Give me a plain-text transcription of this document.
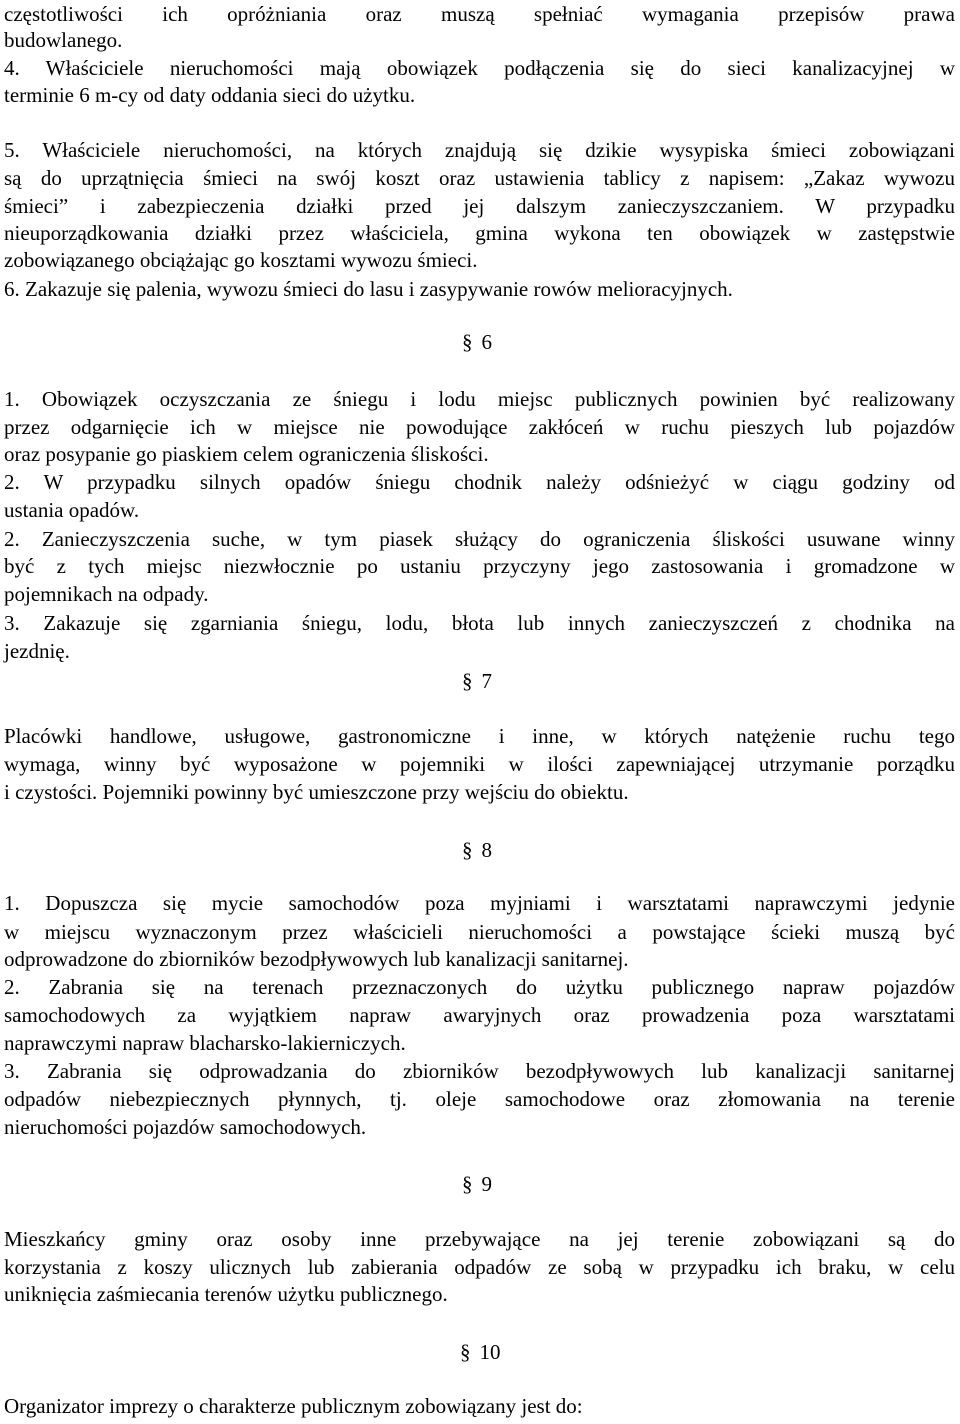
częstotliwości ich opróżniania oraz muszą spełniać wymagania przepisów prawa
budowlanego.
4. Właściciele nieruchomości mają obowiązek podłączenia się do sieci kanalizacyjnej w
terminie 6 m-cy od daty oddania sieci do użytku.
5. Właściciele nieruchomości, na których znajdują się dzikie wysypiska śmieci zobowiązani
są do uprzątnięcia śmieci na swój koszt oraz ustawienia tablicy z napisem: „Zakaz wywozu
śmieci” i zabezpieczenia działki przed jej dalszym zanieczyszczaniem. W przypadku
nieuporządkowania działki przez właściciela, gmina wykona ten obowiązek w zastępstwie
zobowiązanego obciążając go kosztami wywozu śmieci.
6. Zakazuje się palenia, wywozu śmieci do lasu i zasypywanie rowów melioracyjnych.
§ 6
1. Obowiązek oczyszczania ze śniegu i lodu miejsc publicznych powinien być realizowany
przez odgarnięcie ich w miejsce nie powodujące zakłóceń w ruchu pieszych lub pojazdów
oraz posypanie go piaskiem celem ograniczenia śliskości.
2. W przypadku silnych opadów śniegu chodnik należy odśnieżyć w ciągu godziny od
ustania opadów.
2. Zanieczyszczenia suche, w tym piasek służący do ograniczenia śliskości usuwane winny
być z tych miejsc niezwłocznie po ustaniu przyczyny jego zastosowania i gromadzone w
pojemnikach na odpady.
3. Zakazuje się zgarniania śniegu, lodu, błota lub innych zanieczyszczeń z chodnika na
jezdnię.
§ 7
Placówki handlowe, usługowe, gastronomiczne i inne, w których natężenie ruchu tego
wymaga, winny być wyposażone w pojemniki w ilości zapewniającej utrzymanie porządku
i czystości. Pojemniki powinny być umieszczone przy wejściu do obiektu.
§ 8
1. Dopuszcza się mycie samochodów poza myjniami i warsztatami naprawczymi jedynie
w miejscu wyznaczonym przez właścicieli nieruchomości a powstające ścieki muszą być
odprowadzone do zbiorników bezodpływowych lub kanalizacji sanitarnej.
2. Zabrania się na terenach przeznaczonych do użytku publicznego napraw pojazdów
samochodowych za wyjątkiem napraw awaryjnych oraz prowadzenia poza warsztatami
naprawczymi napraw blacharsko-lakierniczych.
3. Zabrania się odprowadzania do zbiorników bezodpływowych lub kanalizacji sanitarnej
odpadów niebezpiecznych płynnych, tj. oleje samochodowe oraz złomowania na terenie
nieruchomości pojazdów samochodowych.
§ 9
Mieszkańcy gminy oraz osoby inne przebywające na jej terenie zobowiązani są do
korzystania z koszy ulicznych lub zabierania odpadów ze sobą w przypadku ich braku, w celu
uniknięcia zaśmiecania terenów użytku publicznego.
§ 10
Organizator imprezy o charakterze publicznym zobowiązany jest do:
